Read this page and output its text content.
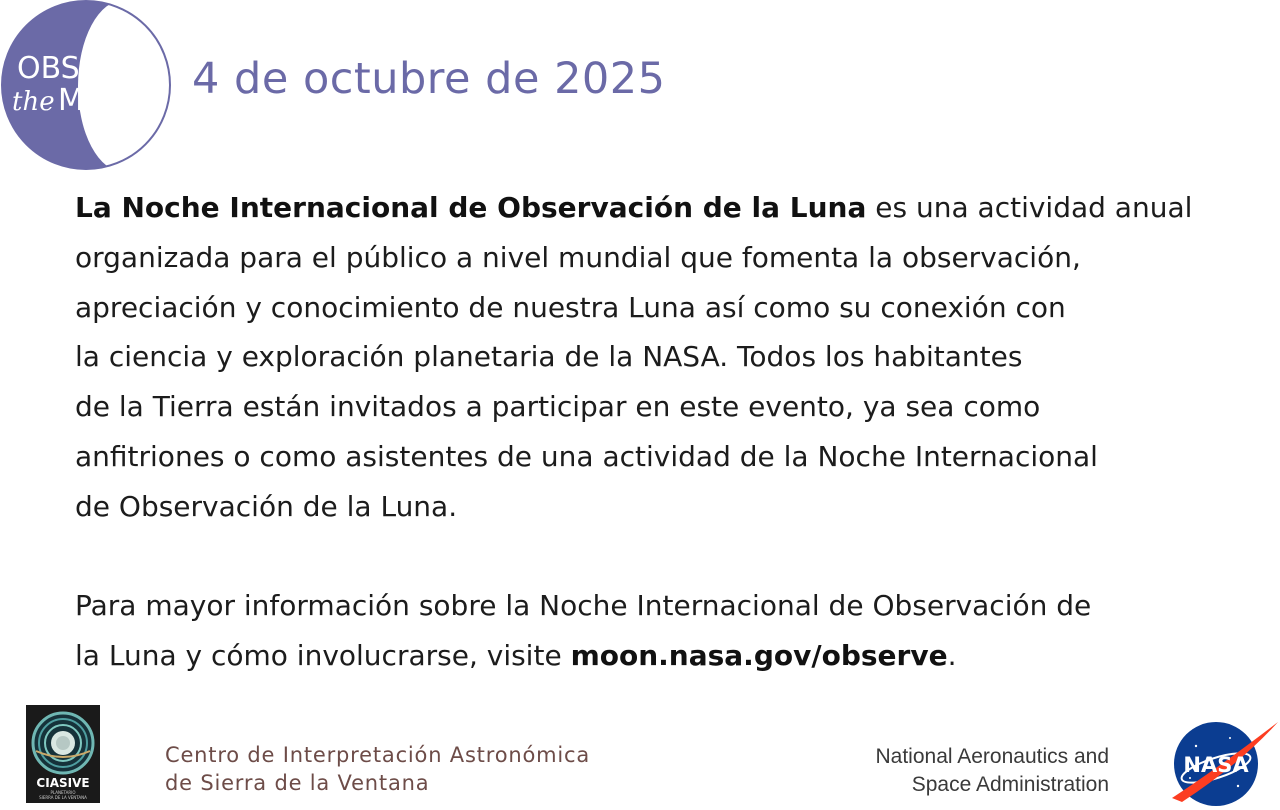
OBSERVE
the MOON 4 de octubre de 2025
La Noche Internacional de Observación de la Luna es una actividad anual
organizada para el público a nivel mundial que fomenta la observación,
apreciación y conocimiento de nuestra Luna así como su conexión con
la ciencia y exploración planetaria de la NASA. Todos los habitantes
de la Tierra están invitados a participar en este evento, ya sea como
anfitriones o como asistentes de una actividad de la Noche Internacional
de Observación de la Luna.
Para mayor información sobre la Noche Internacional de Observación de
la Luna y cómo involucrarse, visite moon.nasa.gov/observe.
CIASIVE
PLANETARIO
SIERRA DE LA VENTANA
Centro de Interpretación Astronómica
de Sierra de la Ventana
National Aeronautics and
Space Administration
NASA
